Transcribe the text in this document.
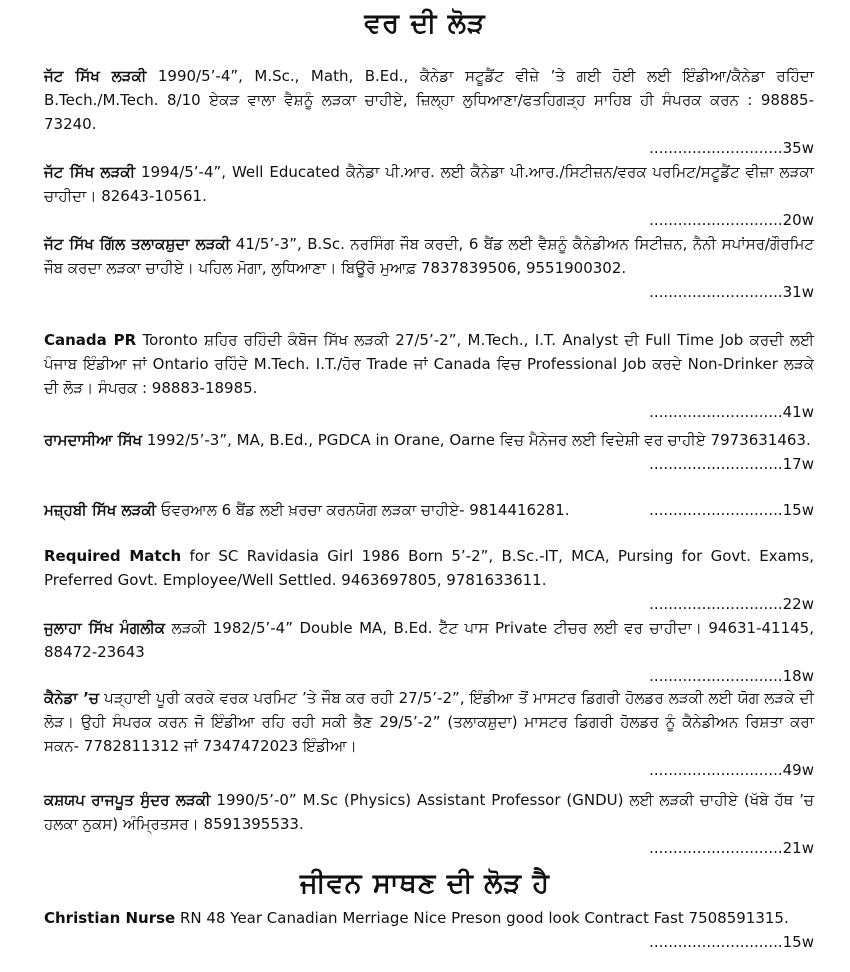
ਵਰ ਦੀ ਲੋੜ
ਜੱਟ ਸਿੱਖ ਲੜਕੀ 1990/5’-4”, M.Sc., Math, B.Ed., ਕੈਨੇਡਾ ਸਟੂਡੈਂਟ ਵੀਜ਼ੇ ’ਤੇ ਗਈ ਹੋਈ ਲਈ ਇੰਡੀਆ/ਕੈਨੇਡਾ ਰਹਿੰਦਾ B.Tech./M.Tech. 8/10 ਏਕੜ ਵਾਲਾ ਵੈਸ਼ਨੂੰ ਲੜਕਾ ਚਾਹੀਏ, ਜ਼ਿਲ੍ਹਾ ਲੁਧਿਆਣਾ/ਫਤਹਿਗੜ੍ਹ ਸਾਹਿਬ ਹੀ ਸੰਪਰਕ ਕਰਨ : 98885-73240.
............................35w
ਜੱਟ ਸਿੱਖ ਲੜਕੀ 1994/5’-4”, Well Educated ਕੈਨੇਡਾ ਪੀ.ਆਰ. ਲਈ ਕੈਨੇਡਾ ਪੀ.ਆਰ./ਸਿਟੀਜ਼ਨ/ਵਰਕ ਪਰਮਿਟ/ਸਟੂਡੈਂਟ ਵੀਜ਼ਾ ਲੜਕਾ ਚਾਹੀਦਾ। 82643-10561.
............................20w
ਜੱਟ ਸਿੱਖ ਗਿੱਲ ਤਲਾਕਸ਼ੁਦਾ ਲੜਕੀ 41/5’-3”, B.Sc. ਨਰਸਿੰਗ ਜੌਬ ਕਰਦੀ, 6 ਬੈਂਡ ਲਈ ਵੈਸ਼ਨੂੰ ਕੈਨੇਡੀਅਨ ਸਿਟੀਜ਼ਨ, ਨੈਨੀ ਸਪਾਂਸਰ/ਗੌਰਮਿਟ ਜੌਬ ਕਰਦਾ ਲੜਕਾ ਚਾਹੀਏ। ਪਹਿਲ ਮੋਗਾ, ਲੁਧਿਆਣਾ। ਬਿਊਰੋ ਮੁਆਫ਼ 7837839506, 9551900302.
............................31w
Canada PR Toronto ਸ਼ਹਿਰ ਰਹਿੰਦੀ ਕੰਬੋਜ ਸਿੱਖ ਲੜਕੀ 27/5’-2”, M.Tech., I.T. Analyst ਦੀ Full Time Job ਕਰਦੀ ਲਈ ਪੰਜਾਬ ਇੰਡੀਆ ਜਾਂ Ontario ਰਹਿੰਦੇ M.Tech. I.T./ਹੋਰ Trade ਜਾਂ Canada ਵਿਚ Professional Job ਕਰਦੇ Non-Drinker ਲੜਕੇ ਦੀ ਲੋੜ। ਸੰਪਰਕ : 98883-18985.
............................41w
ਰਾਮਦਾਸੀਆ ਸਿੱਖ 1992/5’-3”, MA, B.Ed., PGDCA in Orane, Oarne ਵਿਚ ਮੈਨੇਜਰ ਲਈ ਵਿਦੇਸ਼ੀ ਵਰ ਚਾਹੀਏ 7973631463.
............................17w
............................15w
ਮਜ਼੍ਹਬੀ ਸਿੱਖ ਲੜਕੀ ਓਵਰਆਲ 6 ਬੈਂਡ ਲਈ ਖ਼ਰਚਾ ਕਰਨਯੋਗ ਲੜਕਾ ਚਾਹੀਏ- 9814416281.
Required Match for SC Ravidasia Girl 1986 Born 5’-2”, B.Sc.-IT, MCA, Pursing for Govt. Exams, Preferred Govt. Employee/Well Settled. 9463697805, 9781633611.
............................22w
ਜੁਲਾਹਾ ਸਿੱਖ ਮੰਗਲੀਕ ਲੜਕੀ 1982/5’-4” Double MA, B.Ed. ਟੈੱਟ ਪਾਸ Private ਟੀਚਰ ਲਈ ਵਰ ਚਾਹੀਦਾ। 94631-41145, 88472-23643
............................18w
ਕੈਨੇਡਾ ’ਚ ਪੜ੍ਹਾਈ ਪੂਰੀ ਕਰਕੇ ਵਰਕ ਪਰਮਿਟ ’ਤੇ ਜੌਬ ਕਰ ਰਹੀ 27/5’-2”, ਇੰਡੀਆ ਤੋਂ ਮਾਸਟਰ ਡਿਗਰੀ ਹੋਲਡਰ ਲੜਕੀ ਲਈ ਯੋਗ ਲੜਕੇ ਦੀ ਲੋੜ। ਉਹੀ ਸੰਪਰਕ ਕਰਨ ਜੋ ਇੰਡੀਆ ਰਹਿ ਰਹੀ ਸਕੀ ਭੈਣ 29/5’-2” (ਤਲਾਕਸ਼ੁਦਾ) ਮਾਸਟਰ ਡਿਗਰੀ ਹੋਲਡਰ ਨੂੰ ਕੈਨੇਡੀਅਨ ਰਿਸ਼ਤਾ ਕਰਾ ਸਕਨ- 7782811312 ਜਾਂ 7347472023 ਇੰਡੀਆ।
............................49w
ਕਸ਼ਯਪ ਰਾਜਪੂਤ ਸੁੰਦਰ ਲੜਕੀ 1990/5’-0” M.Sc (Physics) Assistant Professor (GNDU) ਲਈ ਲੜਕੀ ਚਾਹੀਏ (ਖੱਬੇ ਹੱਥ ’ਚ ਹਲਕਾ ਨੁਕਸ) ਅੰਮ੍ਰਿਤਸਰ। 8591395533.
............................21w
ਜੀਵਨ ਸਾਥਣ ਦੀ ਲੋੜ ਹੈ
Christian Nurse RN 48 Year Canadian Merriage Nice Preson good look Contract Fast 7508591315.
............................15w
